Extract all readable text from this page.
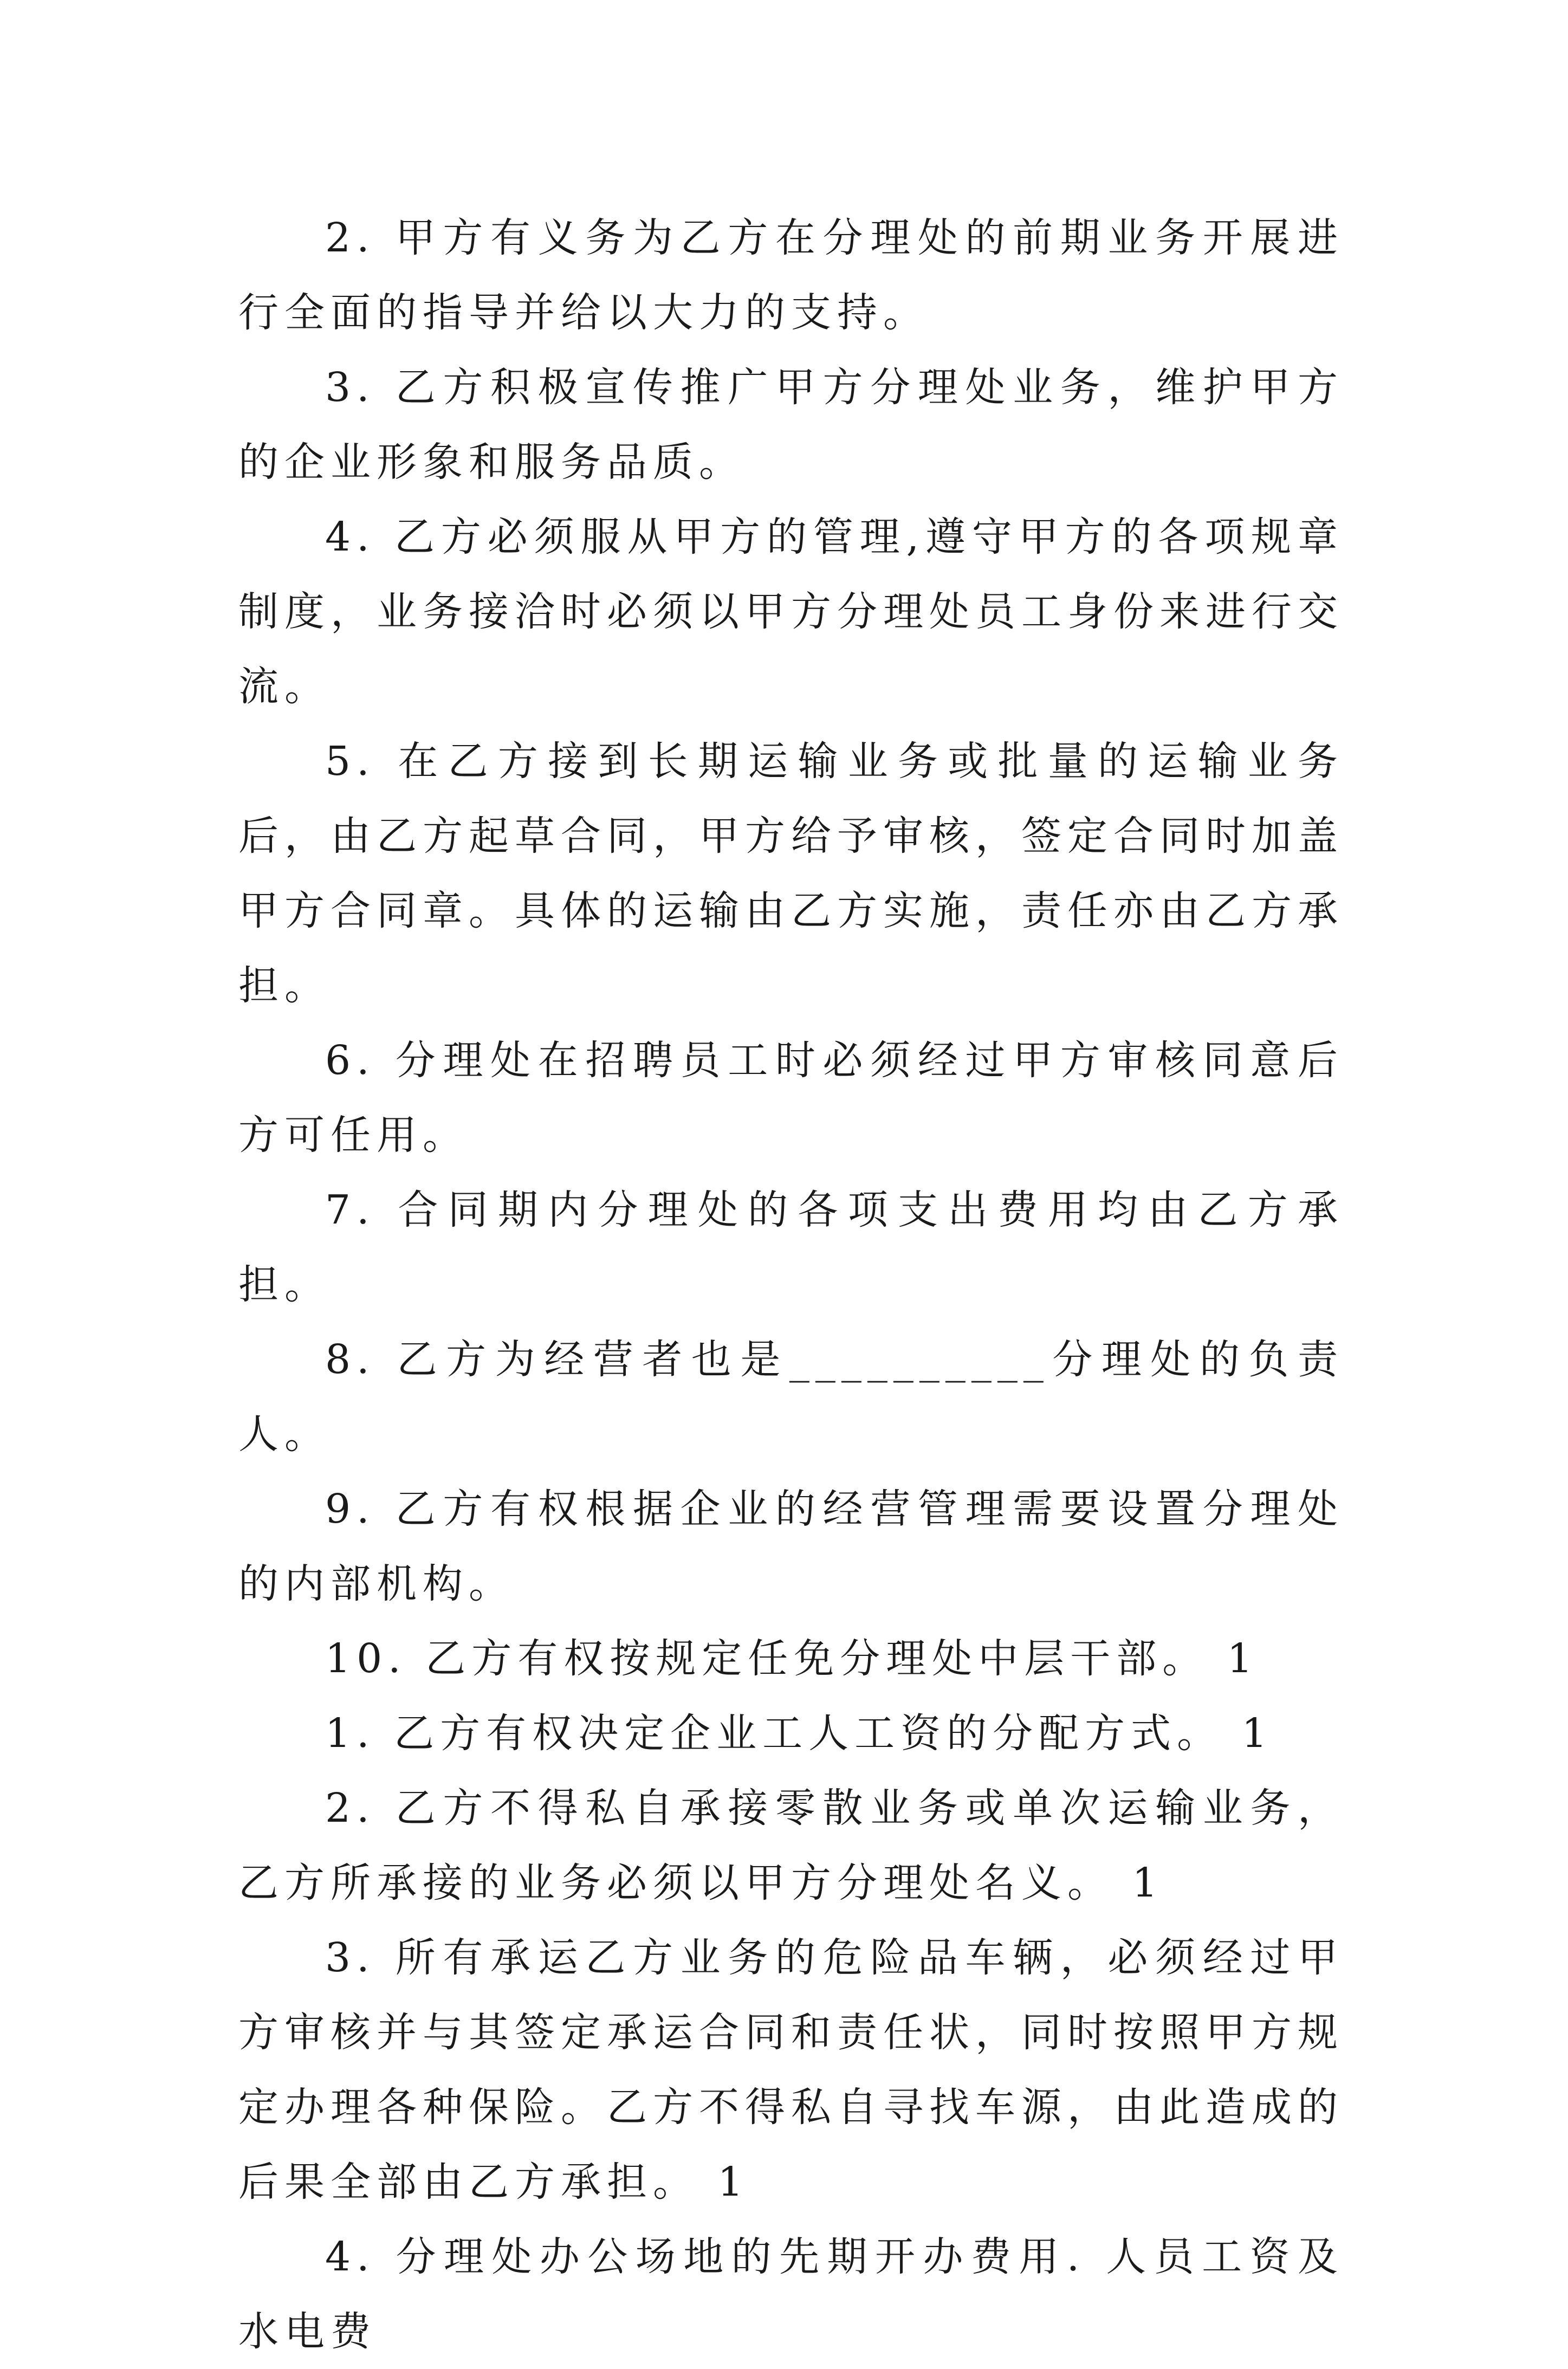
2. 甲方有义务为乙方在分理处的前期业务开展进行全面的指导并给以大力的支持。

3. 乙方积极宣传推广甲方分理处业务，维护甲方的企业形象和服务品质。

4. 乙方必须服从甲方的管理,遵守甲方的各项规章制度，业务接洽时必须以甲方分理处员工身份来进行交流。

5. 在乙方接到长期运输业务或批量的运输业务后，由乙方起草合同，甲方给予审核，签定合同时加盖甲方合同章。具体的运输由乙方实施，责任亦由乙方承担。

6. 分理处在招聘员工时必须经过甲方审核同意后方可任用。

7. 合同期内分理处的各项支出费用均由乙方承担。

8. 乙方为经营者也是__________分理处的负责人。

9. 乙方有权根据企业的经营管理需要设置分理处的内部机构。

10. 乙方有权按规定任免分理处中层干部。 1

1. 乙方有权决定企业工人工资的分配方式。 1

2. 乙方不得私自承接零散业务或单次运输业务，乙方所承接的业务必须以甲方分理处名义。 1

3. 所有承运乙方业务的危险品车辆，必须经过甲方审核并与其签定承运合同和责任状，同时按照甲方规定办理各种保险。乙方不得私自寻找车源，由此造成的后果全部由乙方承担。 1

4. 分理处办公场地的先期开办费用. 人员工资及水电费
